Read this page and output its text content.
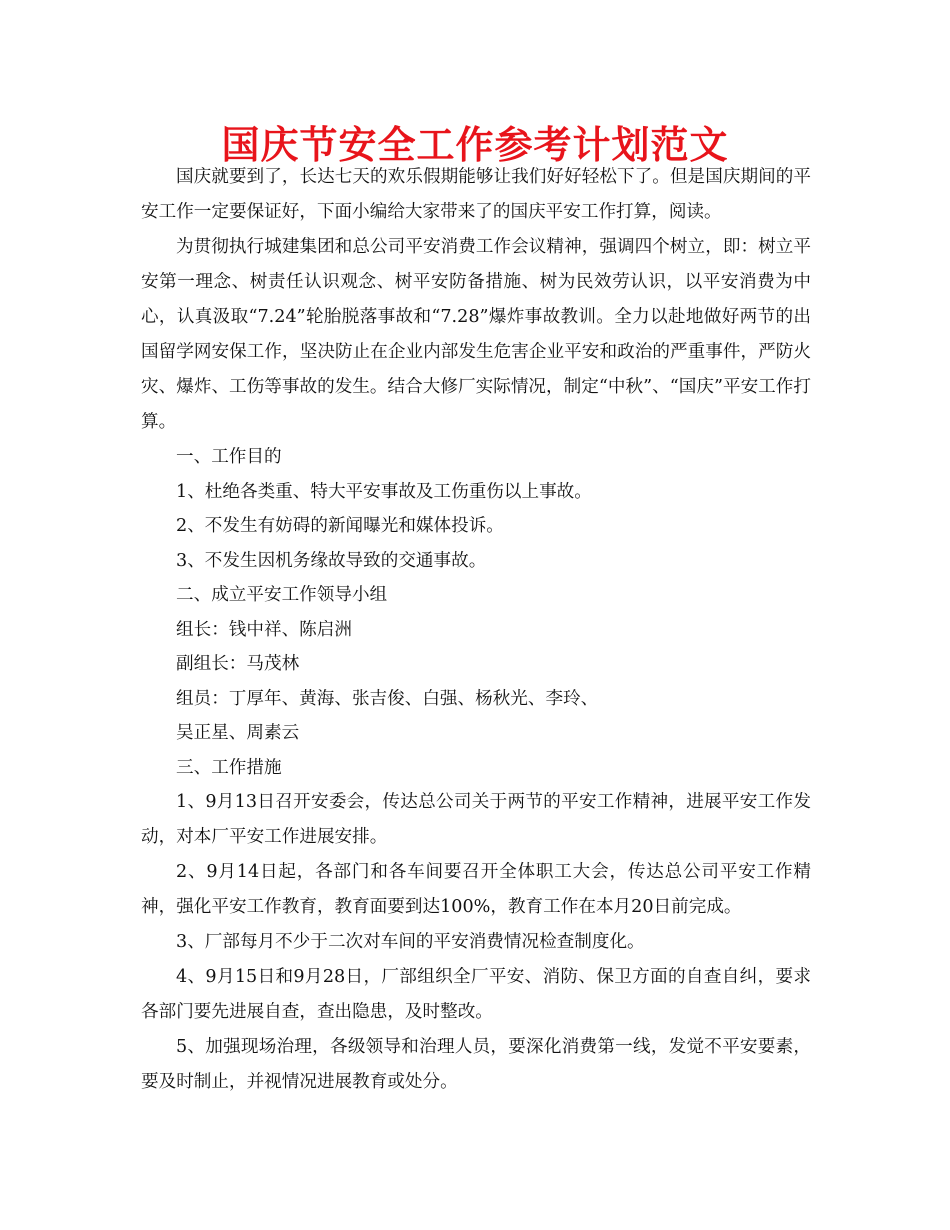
国庆节安全工作参考计划范文

国庆就要到了，长达七天的欢乐假期能够让我们好好轻松下了。但是国庆期间的平安工作一定要保证好，下面小编给大家带来了的国庆平安工作打算，阅读。

为贯彻执行城建集团和总公司平安消费工作会议精神，强调四个树立，即：树立平安第一理念、树责任认识观念、树平安防备措施、树为民效劳认识，以平安消费为中心，认真汲取“7.24”轮胎脱落事故和“7.28”爆炸事故教训。全力以赴地做好两节的出国留学网安保工作，坚决防止在企业内部发生危害企业平安和政治的严重事件，严防火灾、爆炸、工伤等事故的发生。结合大修厂实际情况，制定“中秋”、“国庆”平安工作打算。

一、工作目的

1、杜绝各类重、特大平安事故及工伤重伤以上事故。

2、不发生有妨碍的新闻曝光和媒体投诉。

3、不发生因机务缘故导致的交通事故。

二、成立平安工作领导小组

组长：钱中祥、陈启洲

副组长：马茂林

组员：丁厚年、黄海、张吉俊、白强、杨秋光、李玲、

吴正星、周素云

三、工作措施

1、9月13日召开安委会，传达总公司关于两节的平安工作精神，进展平安工作发动，对本厂平安工作进展安排。

2、9月14日起，各部门和各车间要召开全体职工大会，传达总公司平安工作精神，强化平安工作教育，教育面要到达100%，教育工作在本月20日前完成。

3、厂部每月不少于二次对车间的平安消费情况检查制度化。

4、9月15日和9月28日，厂部组织全厂平安、消防、保卫方面的自查自纠，要求各部门要先进展自查，查出隐患，及时整改。

5、加强现场治理，各级领导和治理人员，要深化消费第一线，发觉不平安要素，要及时制止，并视情况进展教育或处分。
